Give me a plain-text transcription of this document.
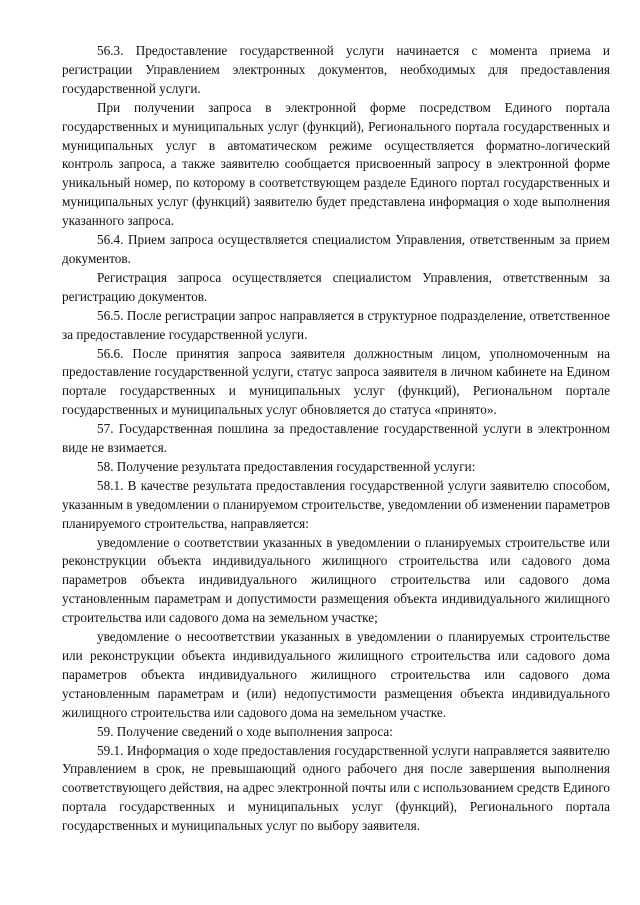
56.3. Предоставление государственной услуги начинается с момента приема и регистрации Управлением электронных документов, необходимых для предоставления государственной услуги.

При получении запроса в электронной форме посредством Единого портала государственных и муниципальных услуг (функций), Регионального портала государственных и муниципальных услуг в автоматическом режиме осуществляется форматно-логический контроль запроса, а также заявителю сообщается присвоенный запросу в электронной форме уникальный номер, по которому в соответствующем разделе Единого портал государственных и муниципальных услуг (функций) заявителю будет представлена информация о ходе выполнения указанного запроса.

56.4. Прием запроса осуществляется специалистом Управления, ответственным за прием документов.

Регистрация запроса осуществляется специалистом Управления, ответственным за регистрацию документов.

56.5. После регистрации запрос направляется в структурное подразделение, ответственное за предоставление государственной услуги.

56.6. После принятия запроса заявителя должностным лицом, уполномоченным на предоставление государственной услуги, статус запроса заявителя в личном кабинете на Едином портале государственных и муниципальных услуг (функций), Региональном портале государственных и муниципальных услуг обновляется до статуса «принято».

57. Государственная пошлина за предоставление государственной услуги в электронном виде не взимается.

58. Получение результата предоставления государственной услуги:

58.1. В качестве результата предоставления государственной услуги заявителю способом, указанным в уведомлении о планируемом строительстве, уведомлении об изменении параметров планируемого строительства, направляется:

уведомление о соответствии указанных в уведомлении о планируемых строительстве или реконструкции объекта индивидуального жилищного строительства или садового дома параметров объекта индивидуального жилищного строительства или садового дома установленным параметрам и допустимости размещения объекта индивидуального жилищного строительства или садового дома на земельном участке;

уведомление о несоответствии указанных в уведомлении о планируемых строительстве или реконструкции объекта индивидуального жилищного строительства или садового дома параметров объекта индивидуального жилищного строительства или садового дома установленным параметрам и (или) недопустимости размещения объекта индивидуального жилищного строительства или садового дома на земельном участке.

59. Получение сведений о ходе выполнения запроса:

59.1. Информация о ходе предоставления государственной услуги направляется заявителю Управлением в срок, не превышающий одного рабочего дня после завершения выполнения соответствующего действия, на адрес электронной почты или с использованием средств Единого портала государственных и муниципальных услуг (функций), Регионального портала государственных и муниципальных услуг по выбору заявителя.
